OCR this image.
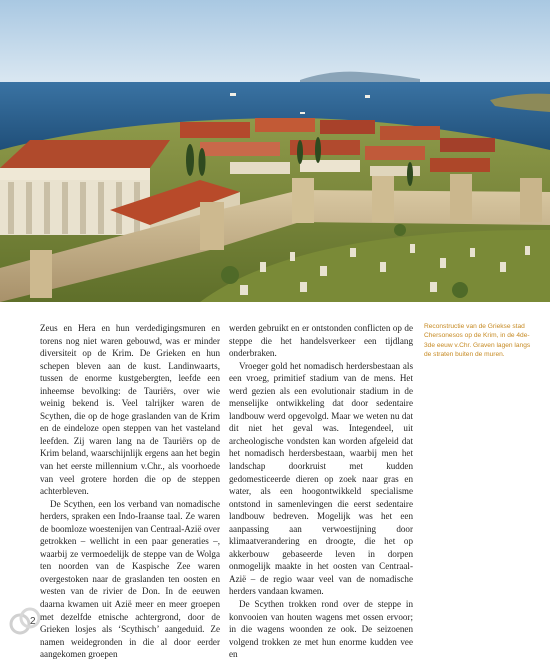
Zeus en Hera en hun verdedigingsmuren en torens nog niet waren gebouwd, was er minder diversiteit op de Krim. De Grieken en hun schepen bleven aan de kust. Landinwaarts, tussen de enorme kustgebergten, leefde een inheemse bevolking: de Tauriërs, over wie weinig bekend is. Veel talrijker waren de Scythen, die op de hoge graslanden van de Krim en de eindeloze open steppen van het vasteland leefden. Zij waren lang na de Tauriërs op de Krim beland, waarschijnlijk ergens aan het begin van het eerste millennium v.Chr., als voorhoede van veel grotere horden die op de steppen achterbleven.

De Scythen, een los verband van nomadische herders, spraken een Indo-Iraanse taal. Ze waren de boomloze woestenijen van Centraal-Azië over getrokken – wellicht in een paar generaties –, waarbij ze vermoedelijk de steppe van de Wolga ten noorden van de Kaspische Zee waren overgestoken naar de graslanden ten oosten en westen van de rivier de Don. In de eeuwen daarna kwamen uit Azië meer en meer groepen met dezelfde etnische achtergrond, door de Grieken losjes als ‘Scythisch’ aangeduid. Ze namen weidegronden in die al door eerder aangekomen groepen

werden gebruikt en er ontstonden conflicten op de steppe die het handelsverkeer een tijdlang onderbraken.

Vroeger gold het nomadisch herdersbestaan als een vroeg, primitief stadium van de mens. Het werd gezien als een evolutionair stadium in de menselijke ontwikkeling dat door sedentaire landbouw werd opgevolgd. Maar we weten nu dat dit niet het geval was. Integendeel, uit archeologische vondsten kan worden afgeleid dat het nomadisch herdersbestaan, waarbij men het landschap doorkruist met kudden gedomesticeerde dieren op zoek naar gras en water, als een hoogontwikkeld specialisme ontstond in samenlevingen die eerst sedentaire landbouw bedreven. Mogelijk was het een aanpassing aan verwoestijning door klimaatverandering en droogte, die het op akkerbouw gebaseerde leven in dorpen onmogelijk maakte in het oosten van Centraal-Azië – de regio waar veel van de nomadische herders vandaan kwamen.

De Scythen trokken rond over de steppe in konvooien van houten wagens met ossen ervoor; in die wagens woonden ze ook. De seizoenen volgend trokken ze met hun enorme kudden vee en

Reconstructie van de Griekse stad Chersonesos op de Krim, in de 4de-3de eeuw v.Chr. Graven lagen langs de straten buiten de muren.
2
